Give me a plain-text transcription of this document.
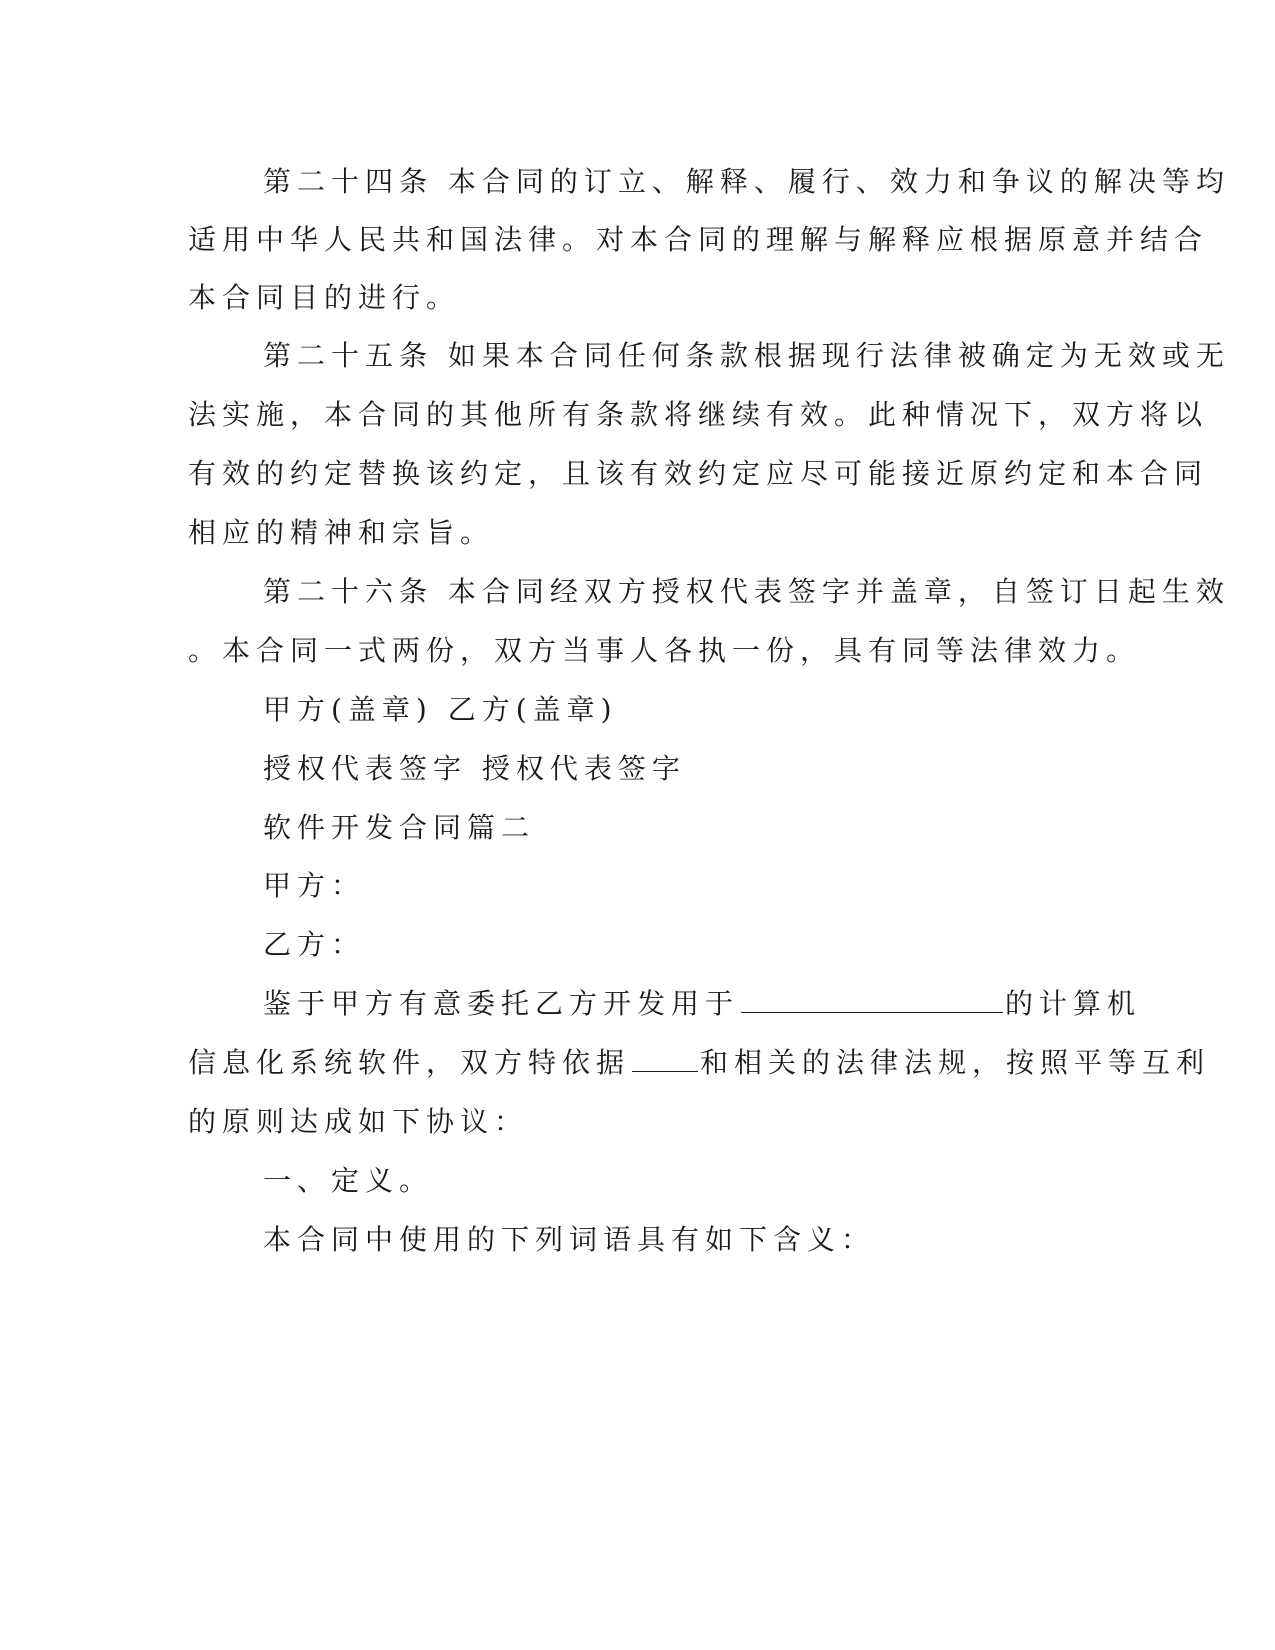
第二十四条 本合同的订立、解释、履行、效力和争议的解决等均
适用中华人民共和国法律。对本合同的理解与解释应根据原意并结合
本合同目的进行。
第二十五条 如果本合同任何条款根据现行法律被确定为无效或无
法实施，本合同的其他所有条款将继续有效。此种情况下，双方将以
有效的约定替换该约定，且该有效约定应尽可能接近原约定和本合同
相应的精神和宗旨。
第二十六条 本合同经双方授权代表签字并盖章，自签订日起生效
。本合同一式两份，双方当事人各执一份，具有同等法律效力。
甲方(盖章) 乙方(盖章)
授权代表签字 授权代表签字
软件开发合同篇二
甲方：
乙方：
鉴于甲方有意委托乙方开发用于	的计算机
信息化系统软件，双方特依据	和相关的法律法规，按照平等互利
的原则达成如下协议：
一、定义。
本合同中使用的下列词语具有如下含义：
